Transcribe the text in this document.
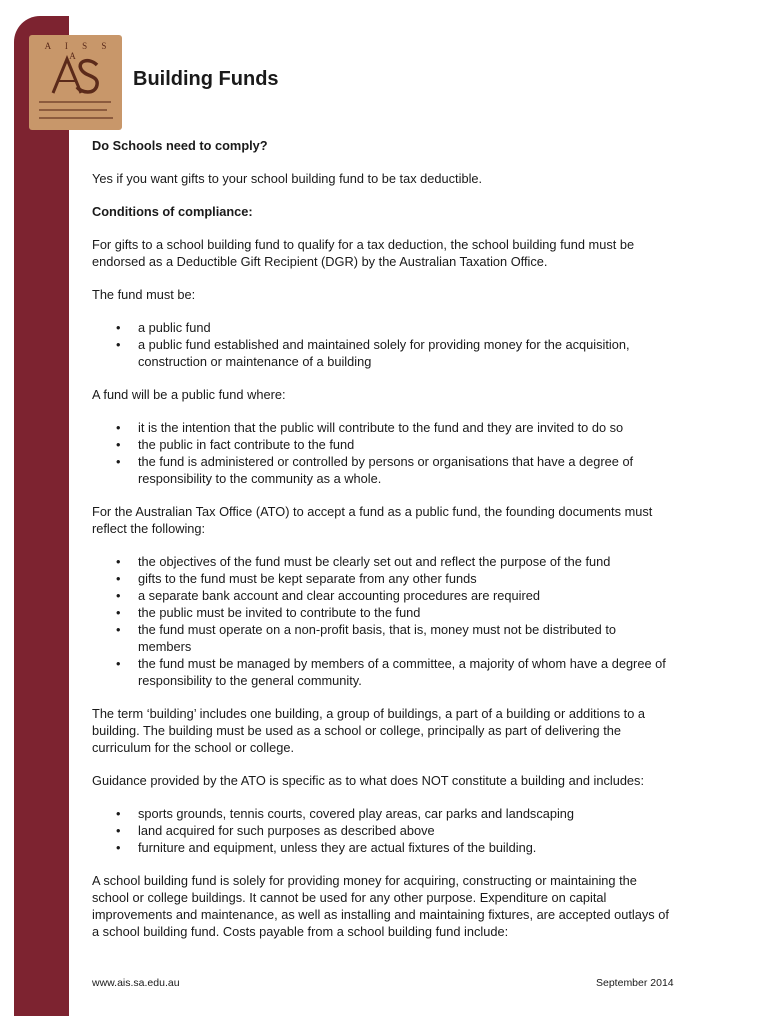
A I S S A
Building Funds

Do Schools need to comply?

Yes if you want gifts to your school building fund to be tax deductible.

Conditions of compliance:

For gifts to a school building fund to qualify for a tax deduction, the school building fund must be endorsed as a Deductible Gift Recipient (DGR) by the Australian Taxation Office.

The fund must be:

•	a public fund
•	a public fund established and maintained solely for providing money for the acquisition, construction or maintenance of a building

A fund will be a public fund where:

•	it is the intention that the public will contribute to the fund and they are invited to do so
•	the public in fact contribute to the fund
•	the fund is administered or controlled by persons or organisations that have a degree of responsibility to the community as a whole.

For the Australian Tax Office (ATO) to accept a fund as a public fund, the founding documents must reflect the following:

•	the objectives of the fund must be clearly set out and reflect the purpose of the fund
•	gifts to the fund must be kept separate from any other funds
•	a separate bank account and clear accounting procedures are required
•	the public must be invited to contribute to the fund
•	the fund must operate on a non-profit basis, that is, money must not be distributed to members
•	the fund must be managed by members of a committee, a majority of whom have a degree of responsibility to the general community.

The term ‘building’ includes one building, a group of buildings, a part of a building or additions to a building. The building must be used as a school or college, principally as part of delivering the curriculum for the school or college.

Guidance provided by the ATO is specific as to what does NOT constitute a building and includes:

•	sports grounds, tennis courts, covered play areas, car parks and landscaping
•	land acquired for such purposes as described above
•	furniture and equipment, unless they are actual fixtures of the building.

A school building fund is solely for providing money for acquiring, constructing or maintaining the school or college buildings. It cannot be used for any other purpose. Expenditure on capital improvements and maintenance, as well as installing and maintaining fixtures, are accepted outlays of a school building fund. Costs payable from a school building fund include:

www.ais.sa.edu.au	September 2014
